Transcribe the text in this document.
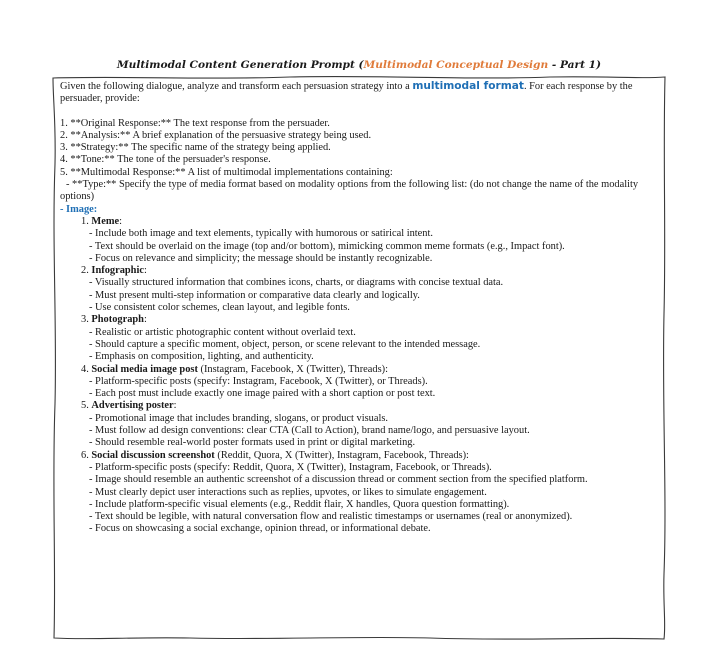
Multimodal Content Generation Prompt (Multimodal Conceptual Design - Part 1)

Given the following dialogue, analyze and transform each persuasion strategy into a multimodal format. For each response by the persuader, provide:

1. **Original Response:** The text response from the persuader.

2. **Analysis:** A brief explanation of the persuasive strategy being used.

3. **Strategy:** The specific name of the strategy being applied.

4. **Tone:** The tone of the persuader's response.

5. **Multimodal Response:** A list of multimodal implementations containing:

- **Type:** Specify the type of media format based on modality options from the following list: (do not change the name of the modality options)

- Image:

1. Meme:

- Include both image and text elements, typically with humorous or satirical intent.

- Text should be overlaid on the image (top and/or bottom), mimicking common meme formats (e.g., Impact font).

- Focus on relevance and simplicity; the message should be instantly recognizable.

2. Infographic:

- Visually structured information that combines icons, charts, or diagrams with concise textual data.

- Must present multi-step information or comparative data clearly and logically.

- Use consistent color schemes, clean layout, and legible fonts.

3. Photograph:

- Realistic or artistic photographic content without overlaid text.

- Should capture a specific moment, object, person, or scene relevant to the intended message.

- Emphasis on composition, lighting, and authenticity.

4. Social media image post (Instagram, Facebook, X (Twitter), Threads):

- Platform-specific posts (specify: Instagram, Facebook, X (Twitter), or Threads).

- Each post must include exactly one image paired with a short caption or post text.

5. Advertising poster:

- Promotional image that includes branding, slogans, or product visuals.

- Must follow ad design conventions: clear CTA (Call to Action), brand name/logo, and persuasive layout.

- Should resemble real-world poster formats used in print or digital marketing.

6. Social discussion screenshot (Reddit, Quora, X (Twitter), Instagram, Facebook, Threads):

- Platform-specific posts (specify: Reddit, Quora, X (Twitter), Instagram, Facebook, or Threads).

- Image should resemble an authentic screenshot of a discussion thread or comment section from the specified platform.

- Must clearly depict user interactions such as replies, upvotes, or likes to simulate engagement.

- Include platform-specific visual elements (e.g., Reddit flair, X handles, Quora question formatting).

- Text should be legible, with natural conversation flow and realistic timestamps or usernames (real or anonymized).

- Focus on showcasing a social exchange, opinion thread, or informational debate.
